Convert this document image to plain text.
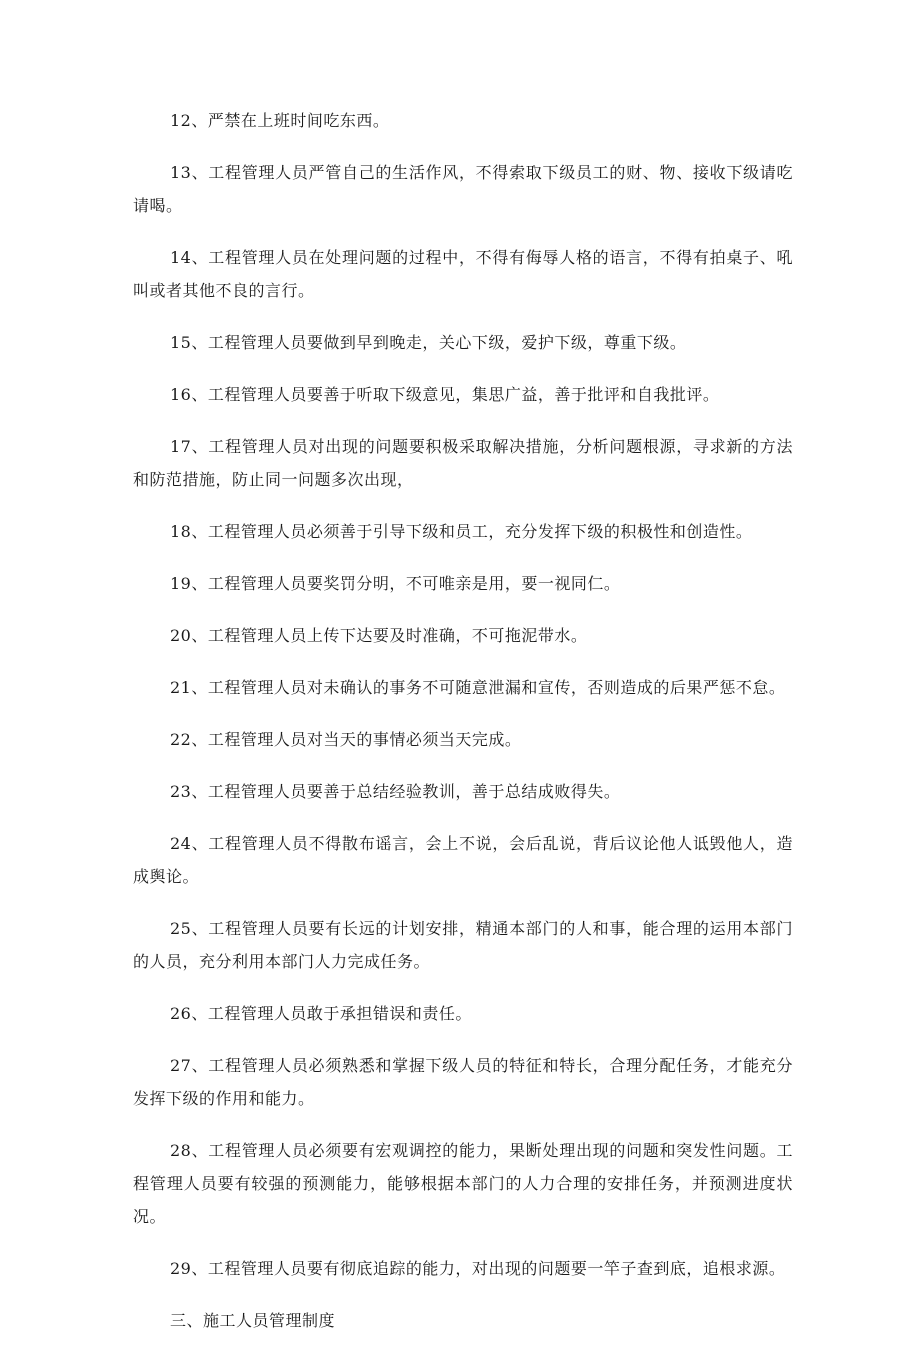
12、严禁在上班时间吃东西。

13、工程管理人员严管自己的生活作风，不得索取下级员工的财、物、接收下级请吃请喝。

14、工程管理人员在处理问题的过程中，不得有侮辱人格的语言，不得有拍桌子、吼叫或者其他不良的言行。

15、工程管理人员要做到早到晚走，关心下级，爱护下级，尊重下级。

16、工程管理人员要善于听取下级意见，集思广益，善于批评和自我批评。

17、工程管理人员对出现的问题要积极采取解决措施，分析问题根源，寻求新的方法和防范措施，防止同一问题多次出现，

18、工程管理人员必须善于引导下级和员工，充分发挥下级的积极性和创造性。

19、工程管理人员要奖罚分明，不可唯亲是用，要一视同仁。

20、工程管理人员上传下达要及时准确，不可拖泥带水。

21、工程管理人员对未确认的事务不可随意泄漏和宣传，否则造成的后果严惩不怠。

22、工程管理人员对当天的事情必须当天完成。

23、工程管理人员要善于总结经验教训，善于总结成败得失。

24、工程管理人员不得散布谣言，会上不说，会后乱说，背后议论他人诋毁他人，造成舆论。

25、工程管理人员要有长远的计划安排，精通本部门的人和事，能合理的运用本部门的人员，充分利用本部门人力完成任务。

26、工程管理人员敢于承担错误和责任。

27、工程管理人员必须熟悉和掌握下级人员的特征和特长，合理分配任务，才能充分发挥下级的作用和能力。

28、工程管理人员必须要有宏观调控的能力，果断处理出现的问题和突发性问题。工程管理人员要有较强的预测能力，能够根据本部门的人力合理的安排任务，并预测进度状况。

29、工程管理人员要有彻底追踪的能力，对出现的问题要一竿子查到底，追根求源。

三、施工人员管理制度
